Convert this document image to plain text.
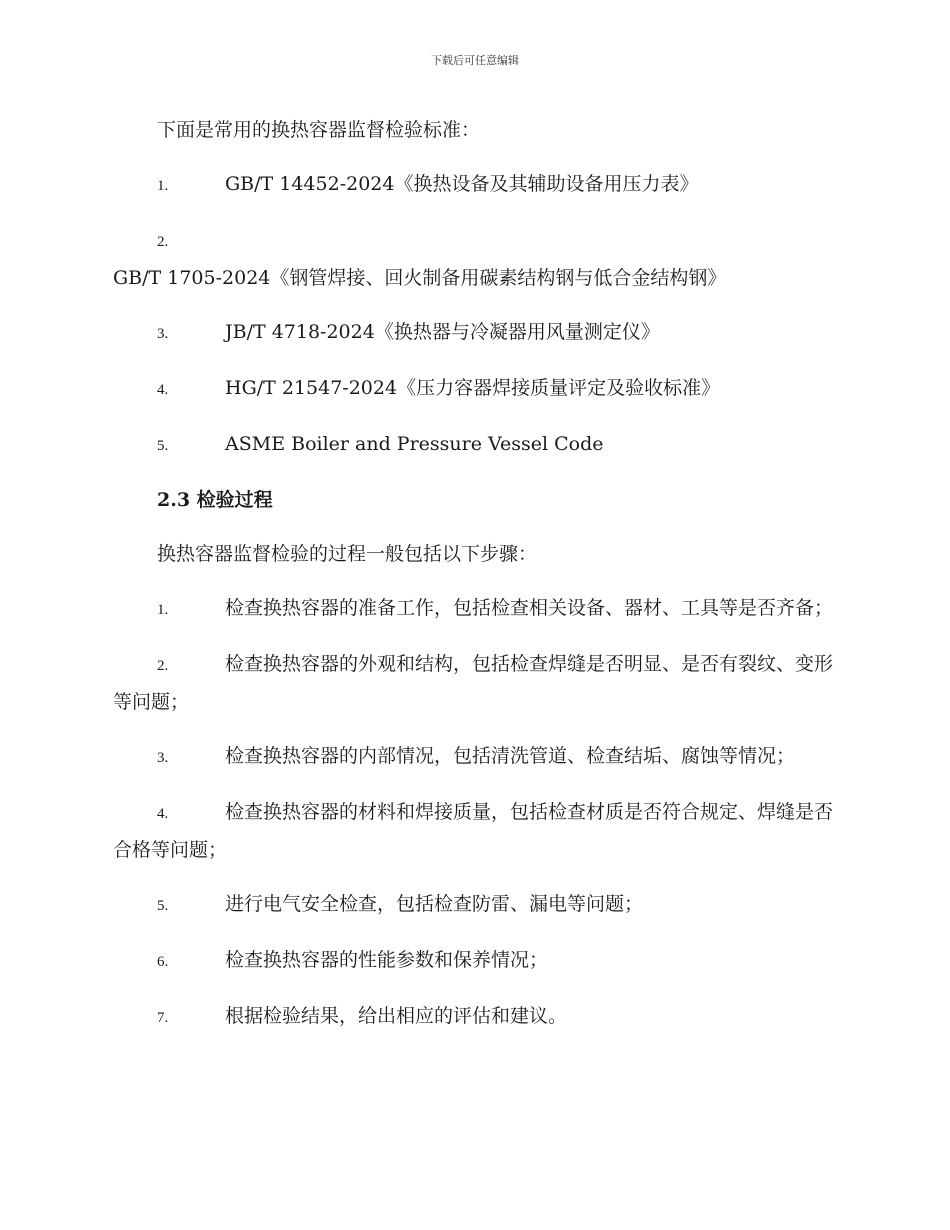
下载后可任意编辑

下面是常用的换热容器监督检验标准：

1.	GB/T 14452-2024《换热设备及其辅助设备用压力表》

2.GB/T 1705-2024《钢管焊接、回火制备用碳素结构钢与低合金结构钢》

3.	JB/T 4718-2024《换热器与冷凝器用风量测定仪》

4.	HG/T 21547-2024《压力容器焊接质量评定及验收标准》

5.	ASME Boiler and Pressure Vessel Code

2.3 检验过程

换热容器监督检验的过程一般包括以下步骤：

1.	检查换热容器的准备工作，包括检查相关设备、器材、工具等是否齐备；

2.	检查换热容器的外观和结构，包括检查焊缝是否明显、是否有裂纹、变形等问题；

3.	检查换热容器的内部情况，包括清洗管道、检查结垢、腐蚀等情况；

4.	检查换热容器的材料和焊接质量，包括检查材质是否符合规定、焊缝是否合格等问题；

5.	进行电气安全检查，包括检查防雷、漏电等问题；

6.	检查换热容器的性能参数和保养情况；

7.	根据检验结果，给出相应的评估和建议。
